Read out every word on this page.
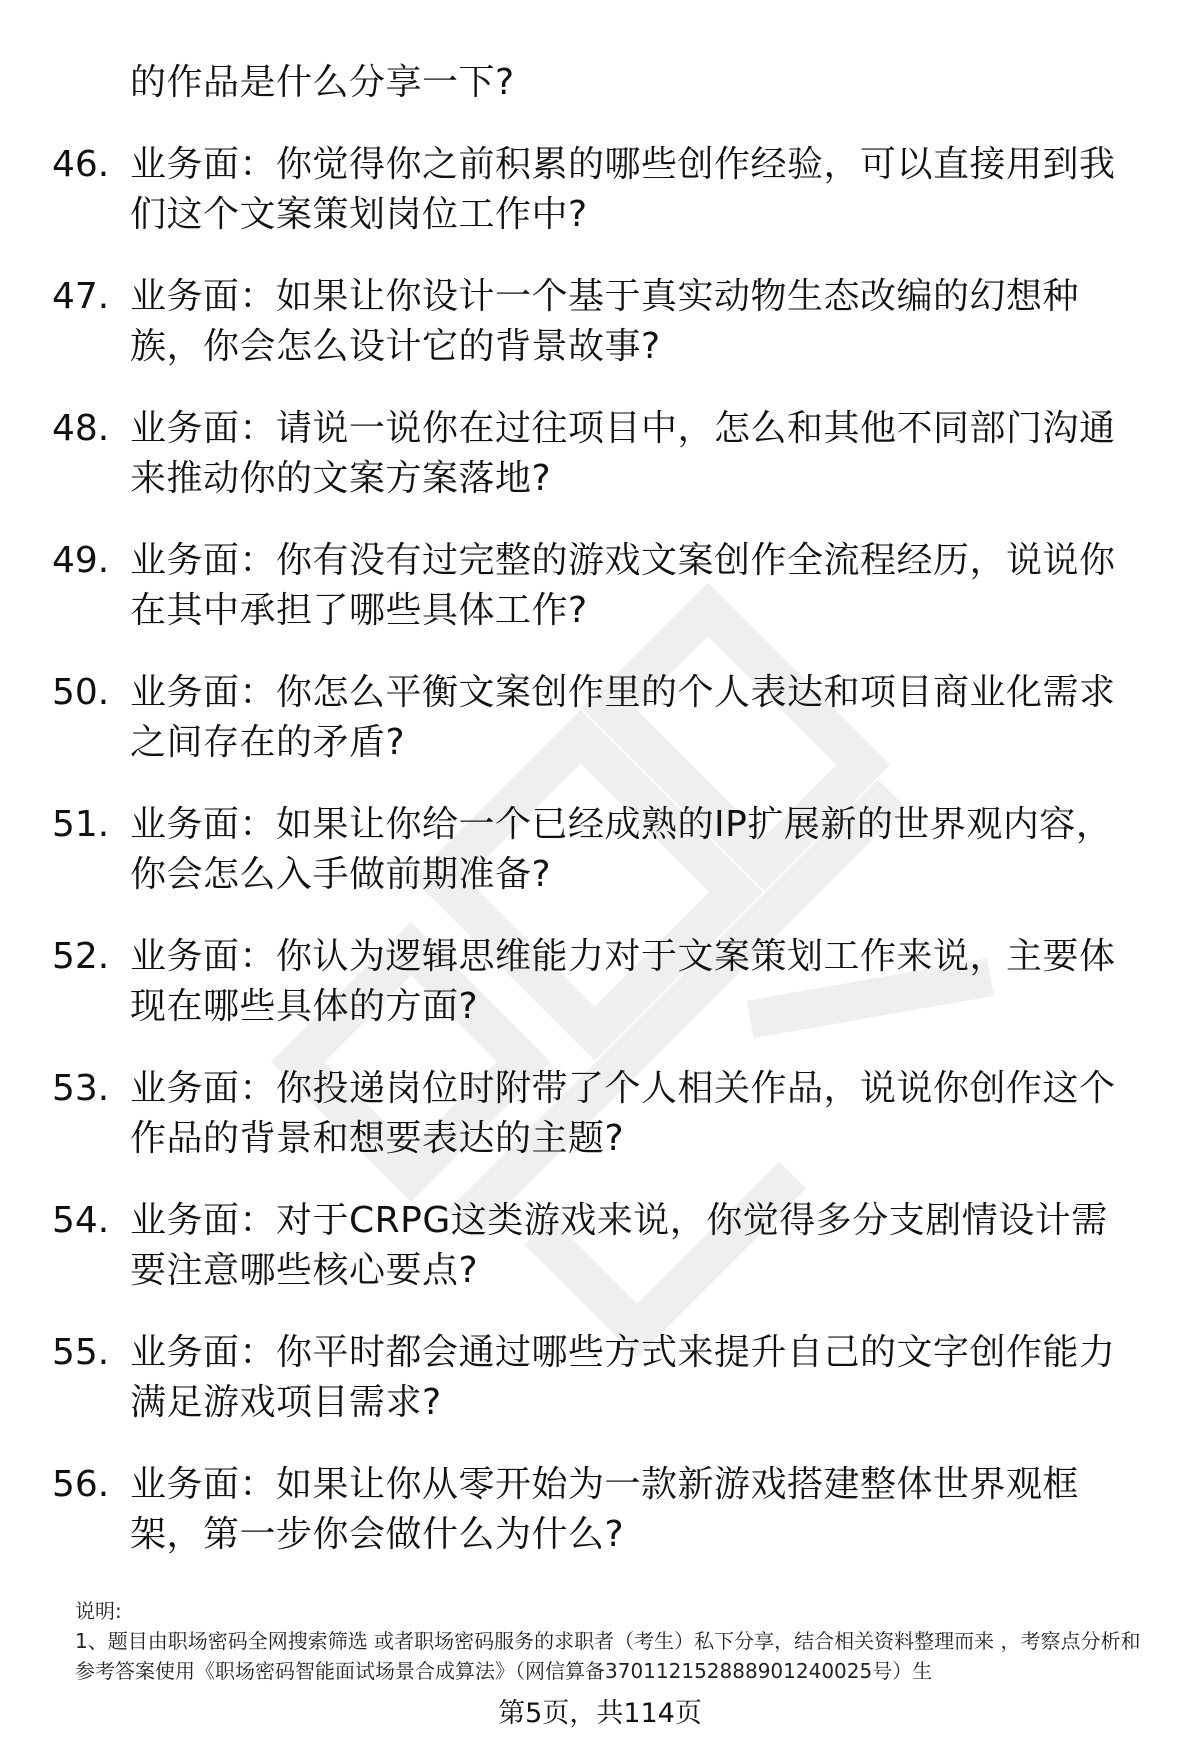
的作品是什么分享一下?
46. 业务面：你觉得你之前积累的哪些创作经验，可以直接用到我们这个文案策划岗位工作中?
47. 业务面：如果让你设计一个基于真实动物生态改编的幻想种族，你会怎么设计它的背景故事?
48. 业务面：请说一说你在过往项目中，怎么和其他不同部门沟通来推动你的文案方案落地?
49. 业务面：你有没有过完整的游戏文案创作全流程经历，说说你在其中承担了哪些具体工作?
50. 业务面：你怎么平衡文案创作里的个人表达和项目商业化需求之间存在的矛盾?
51. 业务面：如果让你给一个已经成熟的IP扩展新的世界观内容，你会怎么入手做前期准备?
52. 业务面：你认为逻辑思维能力对于文案策划工作来说，主要体现在哪些具体的方面?
53. 业务面：你投递岗位时附带了个人相关作品，说说你创作这个作品的背景和想要表达的主题?
54. 业务面：对于CRPG这类游戏来说，你觉得多分支剧情设计需要注意哪些核心要点?
55. 业务面：你平时都会通过哪些方式来提升自己的文字创作能力满足游戏项目需求?
56. 业务面：如果让你从零开始为一款新游戏搭建整体世界观框架，第一步你会做什么为什么?
说明:
1、题目由职场密码全网搜索筛选 或者职场密码服务的求职者（考生）私下分享，结合相关资料整理而来 ，考察点分析和参考答案使用《职场密码智能面试场景合成算法》（网信算备370112152888901240025号）生
第5页，共114页
